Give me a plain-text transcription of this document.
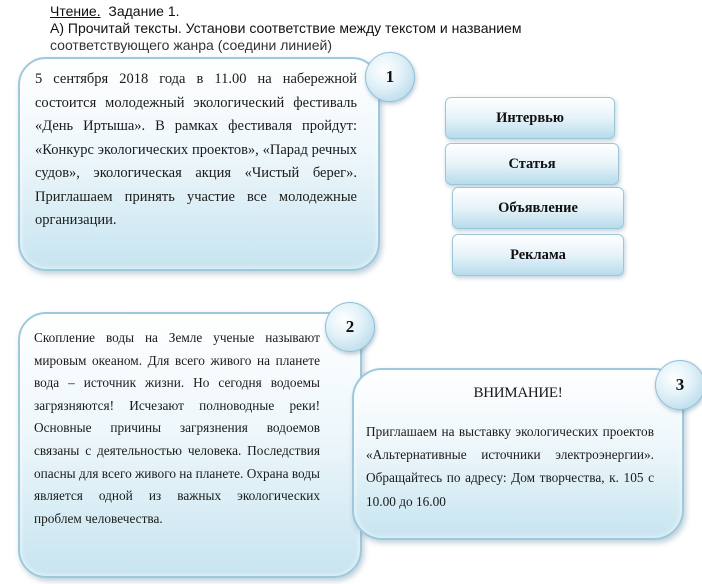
Чтение. Задание 1.
А) Прочитай тексты. Установи соответствие между текстом и названием
соответствующего жанра (соедини линией)
5 сентября 2018 года в 11.00 на набережной состоится молодежный экологический фестиваль «День Иртыша». В рамках фестиваля пройдут: «Конкурс экологических проектов», «Парад речных судов», экологическая акция «Чистый берег». Приглашаем принять участие все молодежные организации.
1
Скопление воды на Земле ученые называют мировым океаном. Для всего живого на планете вода – источник жизни. Но сегодня водоемы загрязняются! Исчезают полноводные реки! Основные причины загрязнения водоемов связаны с деятельностью человека. Последствия опасны для всего живого на планете. Охрана воды является одной из важных экологических проблем человечества.
2
ВНИМАНИЕ!
Приглашаем на выставку экологических проектов «Альтернативные источники электроэнергии». Обращайтесь по адресу: Дом творчества, к. 105 с 10.00 до 16.00
3
Интервью
Статья
Объявление
Реклама
